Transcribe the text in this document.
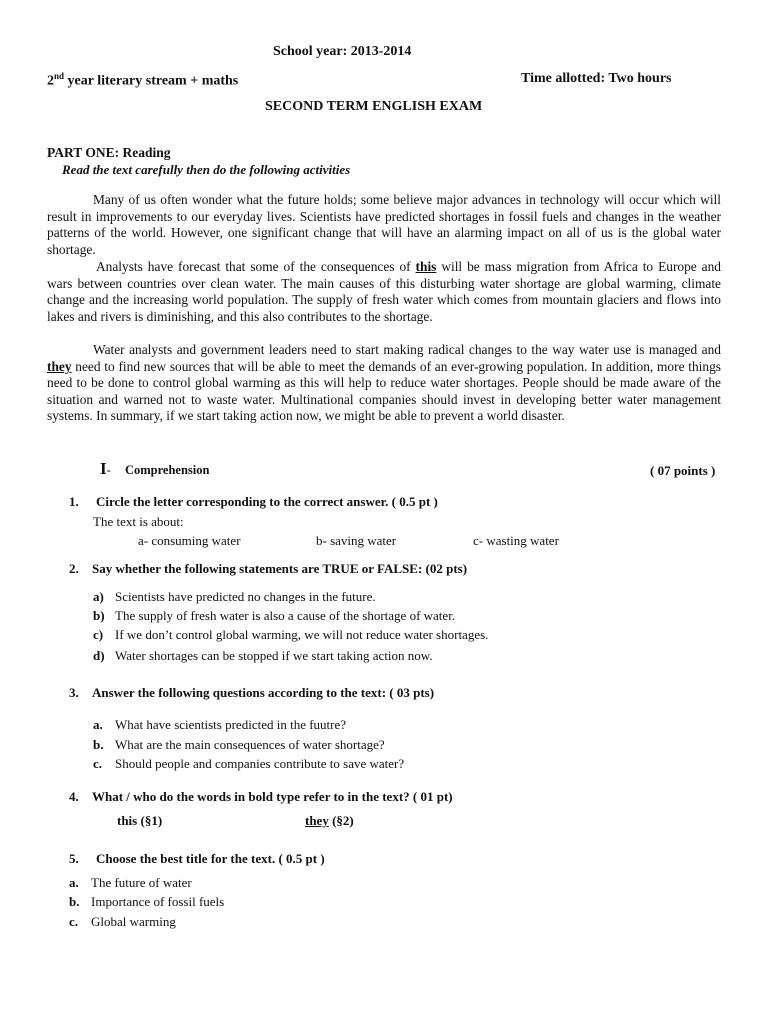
School year: 2013-2014
2nd year literary stream + maths	Time allotted: Two hours
SECOND TERM ENGLISH EXAM
PART ONE: Reading
Read the text carefully then do the following activities

Many of us often wonder what the future holds; some believe major advances in technology will occur which will result in improvements to our everyday lives. Scientists have predicted shortages in fossil fuels and changes in the weather patterns of the world. However, one significant change that will have an alarming impact on all of us is the global water shortage.

Analysts have forecast that some of the consequences of this will be mass migration from Africa to Europe and wars between countries over clean water. The main causes of this disturbing water shortage are global warming, climate change and the increasing world population. The supply of fresh water which comes from mountain glaciers and flows into lakes and rivers is diminishing, and this also contributes to the shortage.

Water analysts and government leaders need to start making radical changes to the way water use is managed and they need to find new sources that will be able to meet the demands of an ever-growing population. In addition, more things need to be done to control global warming as this will help to reduce water shortages. People should be made aware of the situation and warned not to waste water. Multinational companies should invest in developing better water management systems. In summary, if we start taking action now, we might be able to prevent a world disaster.

I- Comprehension	( 07 points )
1. Circle the letter corresponding to the correct answer. ( 0.5 pt )
The text is about:
a- consuming water	b- saving water	c- wasting water
2. Say whether the following statements are TRUE or FALSE: (02 pts)
a) Scientists have predicted no changes in the future.
b) The supply of fresh water is also a cause of the shortage of water.
c) If we don’t control global warming, we will not reduce water shortages.
d) Water shortages can be stopped if we start taking action now.
3. Answer the following questions according to the text: ( 03 pts)
a. What have scientists predicted in the fuutre?
b. What are the main consequences of water shortage?
c. Should people and companies contribute to save water?
4. What / who do the words in bold type refer to in the text? ( 01 pt)
this (§1)	they (§2)
5. Choose the best title for the text. ( 0.5 pt )
a. The future of water
b. Importance of fossil fuels
c. Global warming
